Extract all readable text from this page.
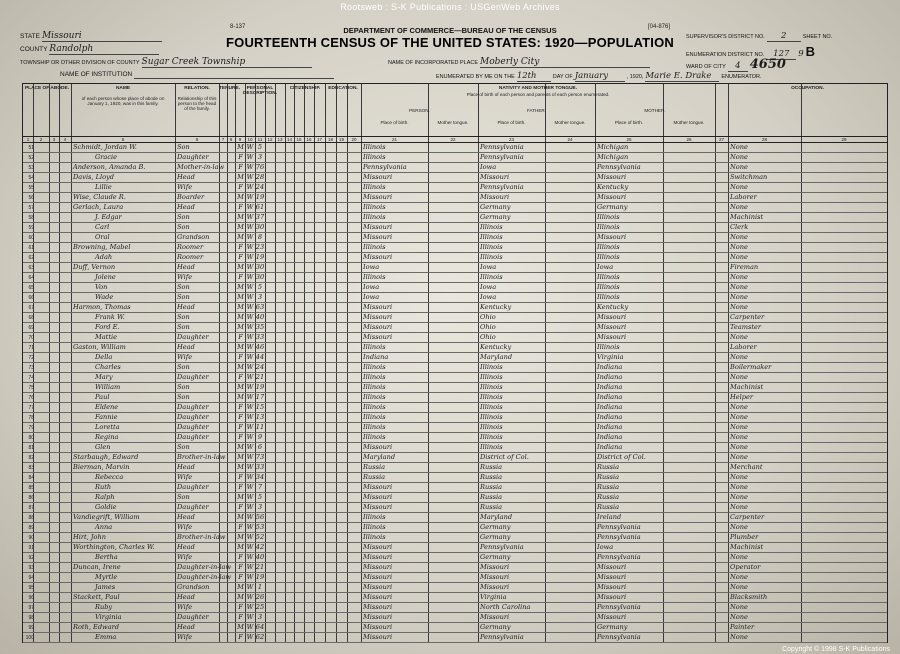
Rootsweb : S-K Publications : USGenWeb Archives
8-137	[04-876]
DEPARTMENT OF COMMERCE—BUREAU OF THE CENSUS
FOURTEENTH CENSUS OF THE UNITED STATES: 1920—POPULATION
STATE Missouri
COUNTY Randolph
TOWNSHIP OR OTHER DIVISION OF COUNTY Sugar Creek Township
NAME OF INSTITUTION
NAME OF INCORPORATED PLACE Moberly City
ENUMERATED BY ME ON THE 12th	DAY OF January	, 1920, Marie E. Drake ENUMERATOR.
SUPERVISOR'S DISTRICT NO. 2	SHEET NO.
ENUMERATION DISTRICT NO. 127 9 B
WARD OF CITY 4 4650
PLACE OF ABODE.	NAME	RELATION.	TENURE.	PERSONAL DESCRIPTION.
CITIZENSHIP.	EDUCATION.	NATIVITY AND MOTHER TONGUE.	OCCUPATION.
of each person whose place of abode on January 1, 1920, was in this family.
Relationship of this person to the head of the family.
Place of birth of each person and parents of each person enumerated.
PERSON.	FATHER.	MOTHER.
Place of birth.	Mother tongue.	Place of birth.	Mother tongue.	Place of birth.	Mother tongue.
1	2	3	4	5	6	7	8	9	10	11	12	13 14 15	16	17	18	19	20	21	22	23	24	25	26	27	28	29
51	Schmidt, Jordan W.	Son	M W 5	Illinois	Pennsylvania	Michigan	None
52	Gracie	Daughter	F W 3	Illinois	Pennsylvania	Michigan	None
53	Anderson, Amanda B.	Mother-in-law	F W 76	Pennsylvania	Iowa	Pennsylvania	None
54	Davis, Lloyd	Head	M W 28	Missouri	Missouri	Missouri	Switchman
55	Lillie	Wife	F W 24	Illinois	Pennsylvania	Kentucky	None
56	Wise, Claude R.	Boarder	M W 19	Missouri	Missouri	Missouri	Laborer
57	Gerlach, Laura	Head	F W 61	Illinois	Germany	Germany	None
58	J. Edgar	Son	M W 37	Illinois	Germany	Illinois	Machinist
59	Carl	Son	M W 30	Missouri	Illinois	Illinois	Clerk
60	Oral	Grandson	M W 8	Missouri	Illinois	Missouri	None
61	Browning, Mabel	Roomer	F W 23	Illinois	Illinois	Illinois	None
62	Adah	Roomer	F W 19	Missouri	Illinois	Illinois	None
63	Duff, Vernon	Head	M W 30	Iowa	Iowa	Iowa	Fireman
64	Jolene	Wife	F W 30	Illinois	Illinois	Illinois	None
65	Von	Son	M W 5	Iowa	Iowa	Illinois	None
66	Wade	Son	M W 3	Iowa	Iowa	Illinois	None
67	Harmon, Thomas	Head	M W 63	Missouri	Kentucky	Kentucky	None
68	Frank W.	Son	M W 40	Missouri	Ohio	Missouri	Carpenter
69	Ford E.	Son	M W 35	Missouri	Ohio	Missouri	Teamster
70	Mattie	Daughter	F W 33	Missouri	Ohio	Missouri	None
71	Gaston, William	Head	M W 46	Illinois	Kentucky	Illinois	Laborer
72	Della	Wife	F W 44	Indiana	Maryland	Virginia	None
73	Charles	Son	M W 24	Illinois	Illinois	Indiana	Boilermaker
74	Mary	Daughter	F W 21	Illinois	Illinois	Indiana	None
75	William	Son	M W 19	Illinois	Illinois	Indiana	Machinist
76	Paul	Son	M W 17	Illinois	Illinois	Indiana	Helper
77	Eldene	Daughter	F W 15	Illinois	Illinois	Indiana	None
78	Fannie	Daughter	F W 13	Illinois	Illinois	Indiana	None
79	Loretta	Daughter	F W 11	Illinois	Illinois	Indiana	None
80	Regina	Daughter	F W 9	Illinois	Illinois	Indiana	None
81	Glen	Son	M W 6	Missouri	Illinois	Indiana	None
82	Starbaugh, Edward	Brother-in-law M W 73	Maryland	District of Col.	District of Col.	None
83	Bierman, Marvin	Head	M W 33	Russia	Russia	Russia	Merchant
84	Rebecca	Wife	F W 34	Russia	Russia	Russia	None
85	Ruth	Daughter	F W 7	Missouri	Russia	Russia	None
86	Ralph	Son	M W 5	Missouri	Russia	Russia	None
87	Goldie	Daughter	F W 3	Missouri	Russia	Russia	None
88	Vandiegrift, William	Head	M W 56	Illinois	Maryland	Ireland	Carpenter
89	Anna	Wife	F W 53	Illinois	Germany	Pennsylvania	None
90	Hirt, John	Brother-in-law M W 52	Illinois	Germany	Pennsylvania	Plumber
91	Worthington, Charles W.	Head	M W 42	Missouri	Pennsylvania	Iowa	Machinist
92	Bertha	Wife	F W 40	Missouri	Germany	Pennsylvania	None
93	Duncan, Irene	Daughter-in-law	F W 21	Missouri	Missouri	Missouri	Operator
94	Myrtle	Daughter-in-law	F W 19	Missouri	Missouri	Missouri	None
95	James	Grandson	M W 1	Missouri	Missouri	Missouri	None
96	Stackett, Paul	Head	M W 26	Missouri	Virginia	Missouri	Blacksmith
97	Ruby	Wife	F W 25	Missouri	North Carolina	Pennsylvania	None
98	Virginia	Daughter	F W 3	Missouri	Missouri	Missouri	None
99	Roth, Edward	Head	M W 64	Missouri	Germany	Germany	Painter
100	Emma	Wife	F W 62	Missouri	Pennsylvania	Pennsylvania	None
Copyright © 1998 S-K Publications
